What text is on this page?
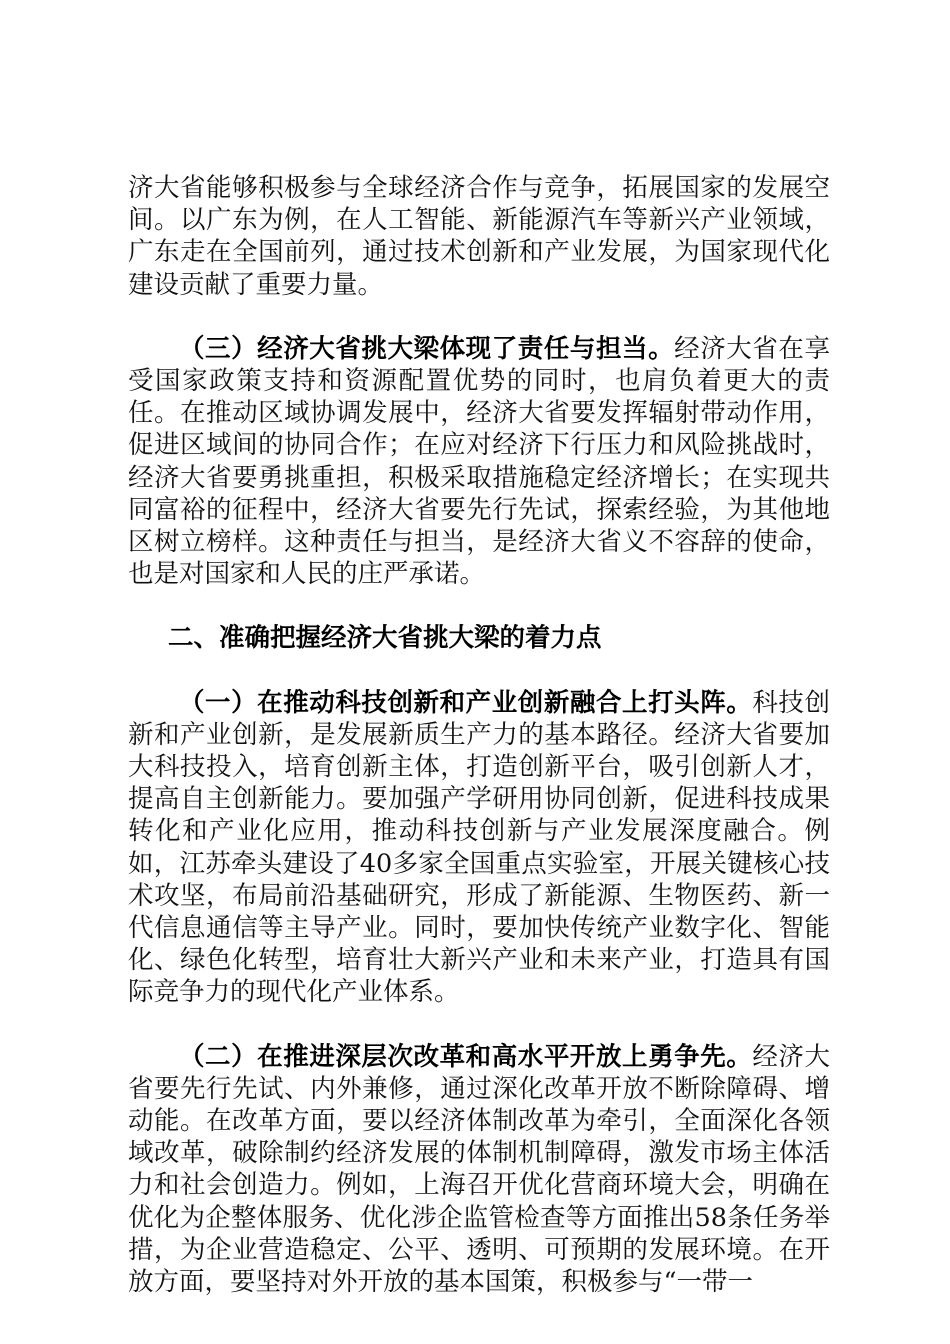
济大省能够积极参与全球经济合作与竞争，拓展国家的发展空间。以广东为例，在人工智能、新能源汽车等新兴产业领域，广东走在全国前列，通过技术创新和产业发展，为国家现代化建设贡献了重要力量。

（三）经济大省挑大梁体现了责任与担当。经济大省在享受国家政策支持和资源配置优势的同时，也肩负着更大的责任。在推动区域协调发展中，经济大省要发挥辐射带动作用，促进区域间的协同合作；在应对经济下行压力和风险挑战时，经济大省要勇挑重担，积极采取措施稳定经济增长；在实现共同富裕的征程中，经济大省要先行先试，探索经验，为其他地区树立榜样。这种责任与担当，是经济大省义不容辞的使命，也是对国家和人民的庄严承诺。

二、准确把握经济大省挑大梁的着力点

（一）在推动科技创新和产业创新融合上打头阵。科技创新和产业创新，是发展新质生产力的基本路径。经济大省要加大科技投入，培育创新主体，打造创新平台，吸引创新人才，提高自主创新能力。要加强产学研用协同创新，促进科技成果转化和产业化应用，推动科技创新与产业发展深度融合。例如，江苏牵头建设了40多家全国重点实验室，开展关键核心技术攻坚，布局前沿基础研究，形成了新能源、生物医药、新一代信息通信等主导产业。同时，要加快传统产业数字化、智能化、绿色化转型，培育壮大新兴产业和未来产业，打造具有国际竞争力的现代化产业体系。

（二）在推进深层次改革和高水平开放上勇争先。经济大省要先行先试、内外兼修，通过深化改革开放不断除障碍、增动能。在改革方面，要以经济体制改革为牵引，全面深化各领域改革，破除制约经济发展的体制机制障碍，激发市场主体活力和社会创造力。例如，上海召开优化营商环境大会，明确在优化为企整体服务、优化涉企监管检查等方面推出58条任务举措，为企业营造稳定、公平、透明、可预期的发展环境。在开放方面，要坚持对外开放的基本国策，积极参与“一带一
